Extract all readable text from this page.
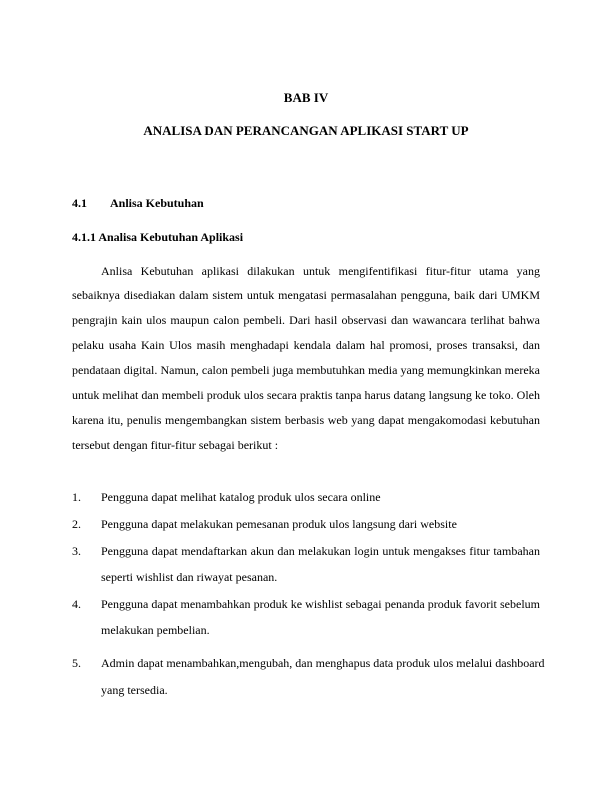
BAB IV
ANALISA DAN PERANCANGAN APLIKASI START UP
4.1 Anlisa Kebutuhan
4.1.1 Analisa Kebutuhan Aplikasi
Anlisa Kebutuhan aplikasi dilakukan untuk mengifentifikasi fitur-fitur utama yang
sebaiknya disediakan dalam sistem untuk mengatasi permasalahan pengguna, baik dari UMKM
pengrajin kain ulos maupun calon pembeli. Dari hasil observasi dan wawancara terlihat bahwa
pelaku usaha Kain Ulos masih menghadapi kendala dalam hal promosi, proses transaksi, dan
pendataan digital. Namun, calon pembeli juga membutuhkan media yang memungkinkan mereka
untuk melihat dan membeli produk ulos secara praktis tanpa harus datang langsung ke toko. Oleh
karena itu, penulis mengembangkan sistem berbasis web yang dapat mengakomodasi kebutuhan
tersebut dengan fitur-fitur sebagai berikut :
1. Pengguna dapat melihat katalog produk ulos secara online
2. Pengguna dapat melakukan pemesanan produk ulos langsung dari website
3. Pengguna dapat mendaftarkan akun dan melakukan login untuk mengakses fitur tambahan
seperti wishlist dan riwayat pesanan.
4. Pengguna dapat menambahkan produk ke wishlist sebagai penanda produk favorit sebelum
melakukan pembelian.
5. Admin dapat menambahkan,mengubah, dan menghapus data produk ulos melalui dashboard
yang tersedia.
